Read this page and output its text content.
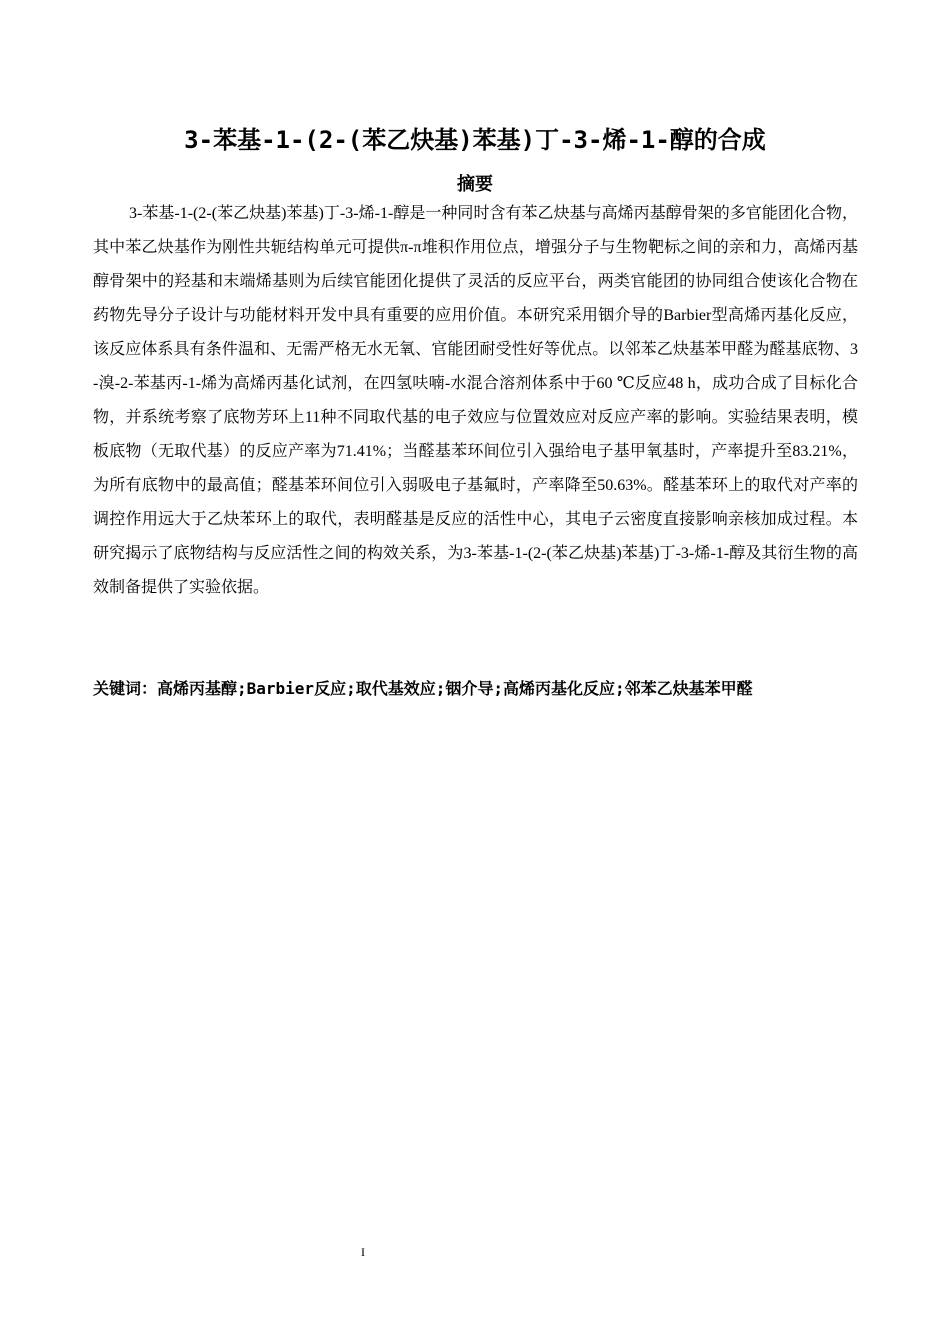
3-苯基-1-(2-(苯乙炔基)苯基)丁-3-烯-1-醇的合成
摘要

3-苯基-1-(2-(苯乙炔基)苯基)丁-3-烯-1-醇是一种同时含有苯乙炔基与高烯丙基醇骨架的多官能团化合物，其中苯乙炔基作为刚性共轭结构单元可提供π-π堆积作用位点，增强分子与生物靶标之间的亲和力，高烯丙基醇骨架中的羟基和末端烯基则为后续官能团化提供了灵活的反应平台，两类官能团的协同组合使该化合物在药物先导分子设计与功能材料开发中具有重要的应用价值。本研究采用铟介导的Barbier型高烯丙基化反应，该反应体系具有条件温和、无需严格无水无氧、官能团耐受性好等优点。以邻苯乙炔基苯甲醛为醛基底物、3-溴-2-苯基丙-1-烯为高烯丙基化试剂，在四氢呋喃-水混合溶剂体系中于60 ℃反应48 h，成功合成了目标化合物，并系统考察了底物芳环上11种不同取代基的电子效应与位置效应对反应产率的影响。实验结果表明，模板底物（无取代基）的反应产率为71.41%；当醛基苯环间位引入强给电子基甲氧基时，产率提升至83.21%，为所有底物中的最高值；醛基苯环间位引入弱吸电子基氟时，产率降至50.63%。醛基苯环上的取代对产率的调控作用远大于乙炔苯环上的取代，表明醛基是反应的活性中心，其电子云密度直接影响亲核加成过程。本研究揭示了底物结构与反应活性之间的构效关系，为3-苯基-1-(2-(苯乙炔基)苯基)丁-3-烯-1-醇及其衍生物的高效制备提供了实验依据。

关键词：高烯丙基醇;Barbier反应;取代基效应;铟介导;高烯丙基化反应;邻苯乙炔基苯甲醛

I
